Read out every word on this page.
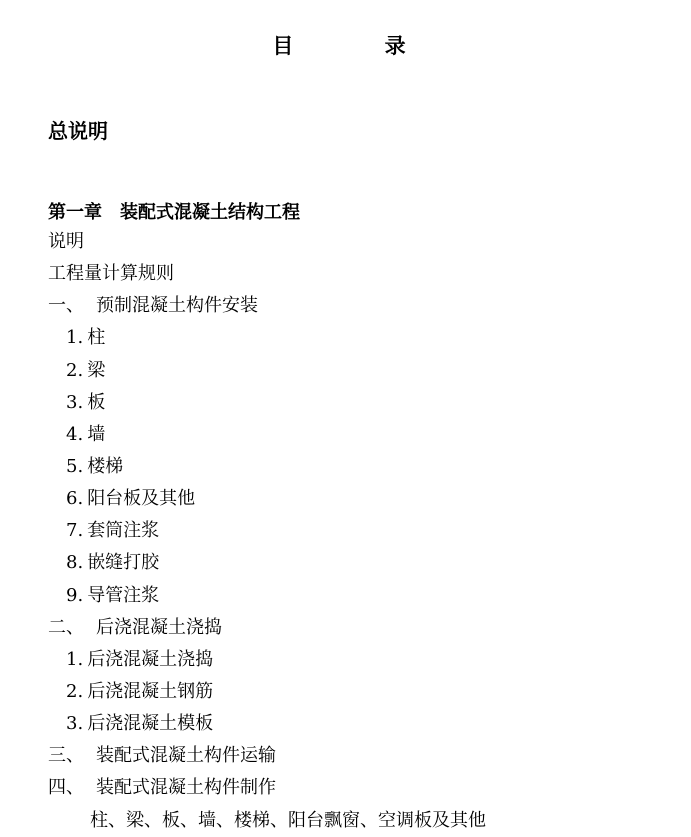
目 录
总说明
第一章 装配式混凝土结构工程
说明
工程量计算规则
一、 预制混凝土构件安装
1. 柱
2. 梁
3. 板
4. 墙
5. 楼梯
6. 阳台板及其他
7. 套筒注浆
8. 嵌缝打胶
9. 导管注浆
二、 后浇混凝土浇捣
1. 后浇混凝土浇捣
2. 后浇混凝土钢筋
3. 后浇混凝土模板
三、 装配式混凝土构件运输
四、 装配式混凝土构件制作
柱、梁、板、墙、楼梯、阳台飘窗、空调板及其他
